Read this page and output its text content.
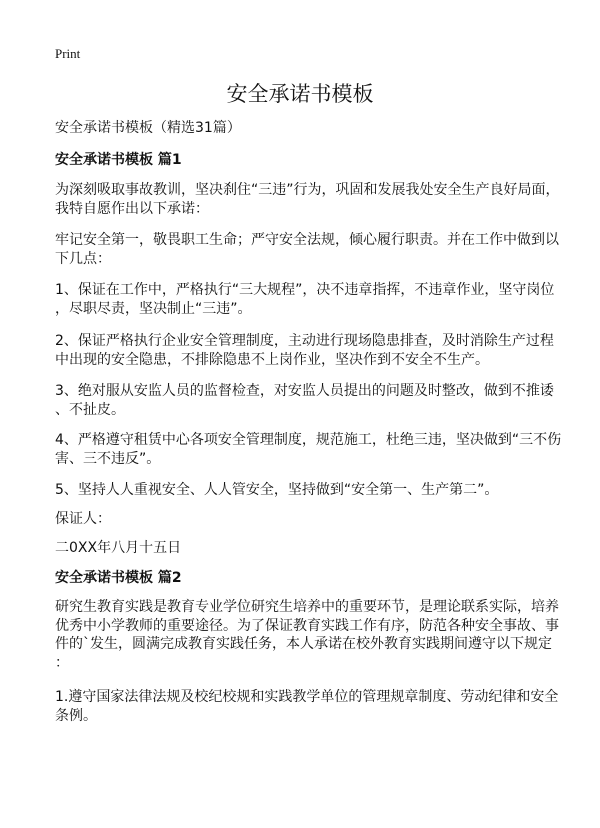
Print
安全承诺书模板
安全承诺书模板（精选31篇）
安全承诺书模板 篇1
为深刻吸取事故教训，坚决刹住“三违”行为，巩固和发展我处安全生产良好局面，
我特自愿作出以下承诺：
牢记安全第一，敬畏职工生命；严守安全法规，倾心履行职责。并在工作中做到以
下几点：
1、保证在工作中，严格执行“三大规程”，决不违章指挥，不违章作业，坚守岗位
，尽职尽责，坚决制止“三违”。
2、保证严格执行企业安全管理制度，主动进行现场隐患排查，及时消除生产过程
中出现的安全隐患，不排除隐患不上岗作业，坚决作到不安全不生产。
3、绝对服从安监人员的监督检查，对安监人员提出的问题及时整改，做到不推诿
、不扯皮。
4、严格遵守租赁中心各项安全管理制度，规范施工，杜绝三违，坚决做到“三不伤
害、三不违反”。
5、坚持人人重视安全、人人管安全，坚持做到“安全第一、生产第二”。
保证人：
二0XX年八月十五日
安全承诺书模板 篇2
研究生教育实践是教育专业学位研究生培养中的重要环节，是理论联系实际，培养
优秀中小学教师的重要途径。为了保证教育实践工作有序，防范各种安全事故、事
件的`发生，圆满完成教育实践任务，本人承诺在校外教育实践期间遵守以下规定
：
1.遵守国家法律法规及校纪校规和实践教学单位的管理规章制度、劳动纪律和安全
条例。
